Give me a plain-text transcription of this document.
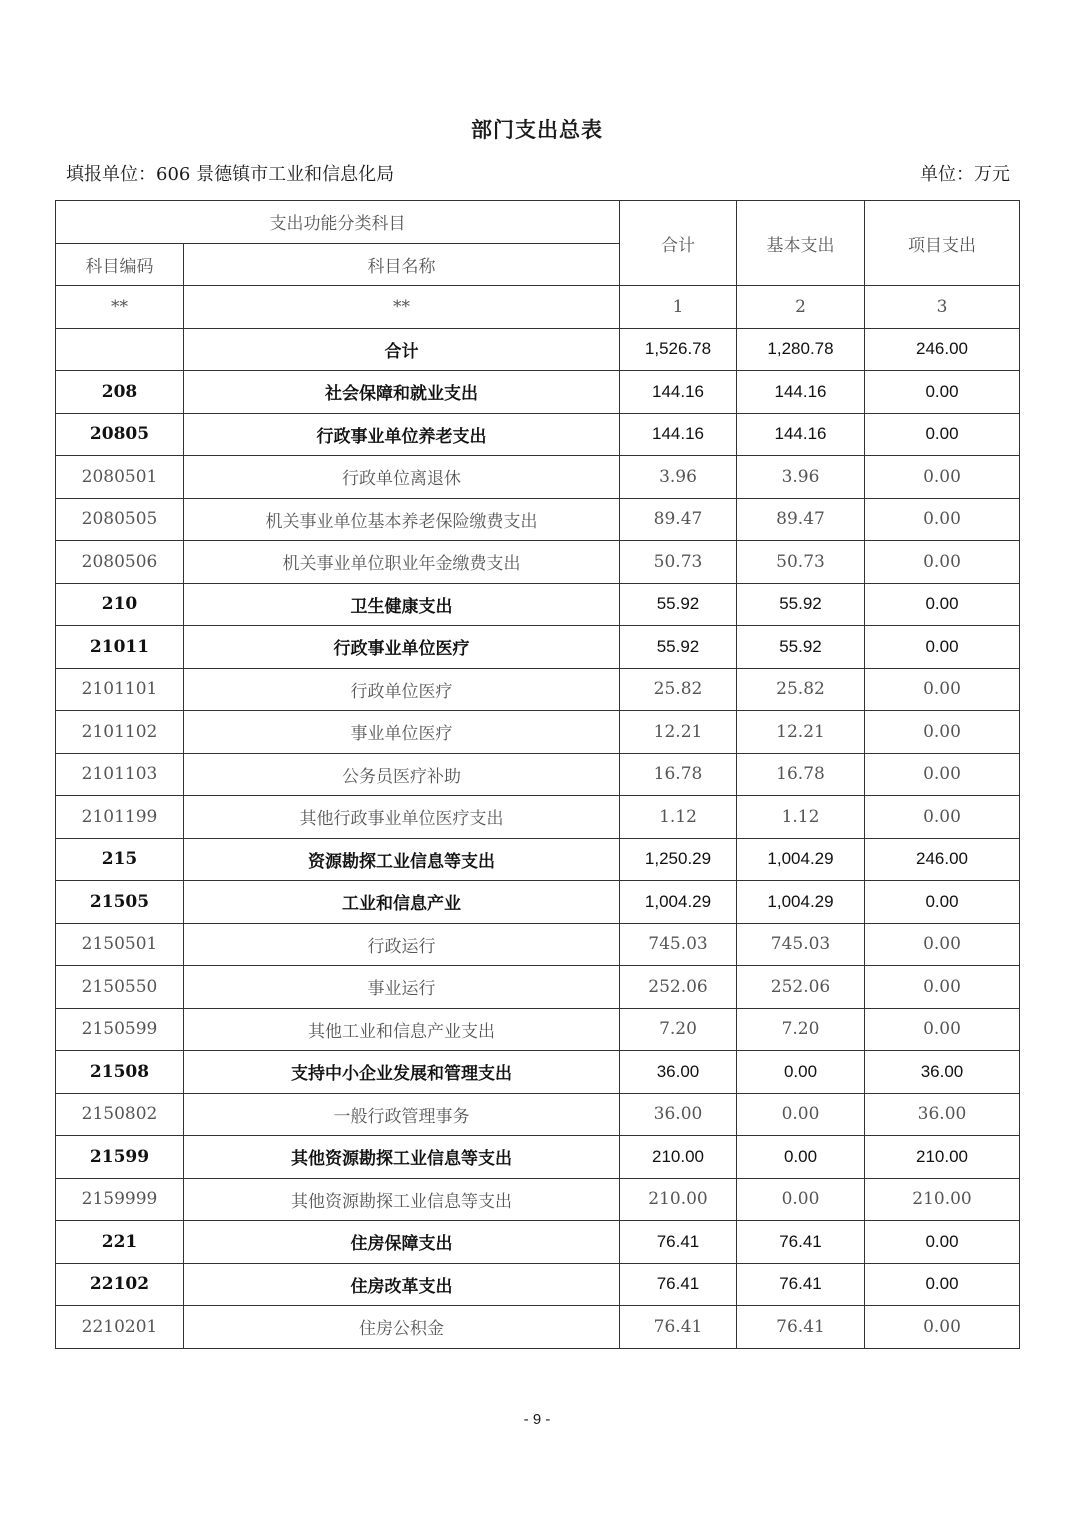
部门支出总表
填报单位：606 景德镇市工业和信息化局	单位：万元
支出功能分类科目		合计	基本支出	项目支出
科目编码	科目名称			
**	**	1	2	3
	合计	1,526.78	1,280.78	246.00
208	社会保障和就业支出	144.16	144.16	0.00
20805	行政事业单位养老支出	144.16	144.16	0.00
2080501	行政单位离退休	3.96	3.96	0.00
2080505	机关事业单位基本养老保险缴费支出	89.47	89.47	0.00
2080506	机关事业单位职业年金缴费支出	50.73	50.73	0.00
210	卫生健康支出	55.92	55.92	0.00
21011	行政事业单位医疗	55.92	55.92	0.00
2101101	行政单位医疗	25.82	25.82	0.00
2101102	事业单位医疗	12.21	12.21	0.00
2101103	公务员医疗补助	16.78	16.78	0.00
2101199	其他行政事业单位医疗支出	1.12	1.12	0.00
215	资源勘探工业信息等支出	1,250.29	1,004.29	246.00
21505	工业和信息产业	1,004.29	1,004.29	0.00
2150501	行政运行	745.03	745.03	0.00
2150550	事业运行	252.06	252.06	0.00
2150599	其他工业和信息产业支出	7.20	7.20	0.00
21508	支持中小企业发展和管理支出	36.00	0.00	36.00
2150802	一般行政管理事务	36.00	0.00	36.00
21599	其他资源勘探工业信息等支出	210.00	0.00	210.00
2159999	其他资源勘探工业信息等支出	210.00	0.00	210.00
221	住房保障支出	76.41	76.41	0.00
22102	住房改革支出	76.41	76.41	0.00
2210201	住房公积金	76.41	76.41	0.00
- 9 -
